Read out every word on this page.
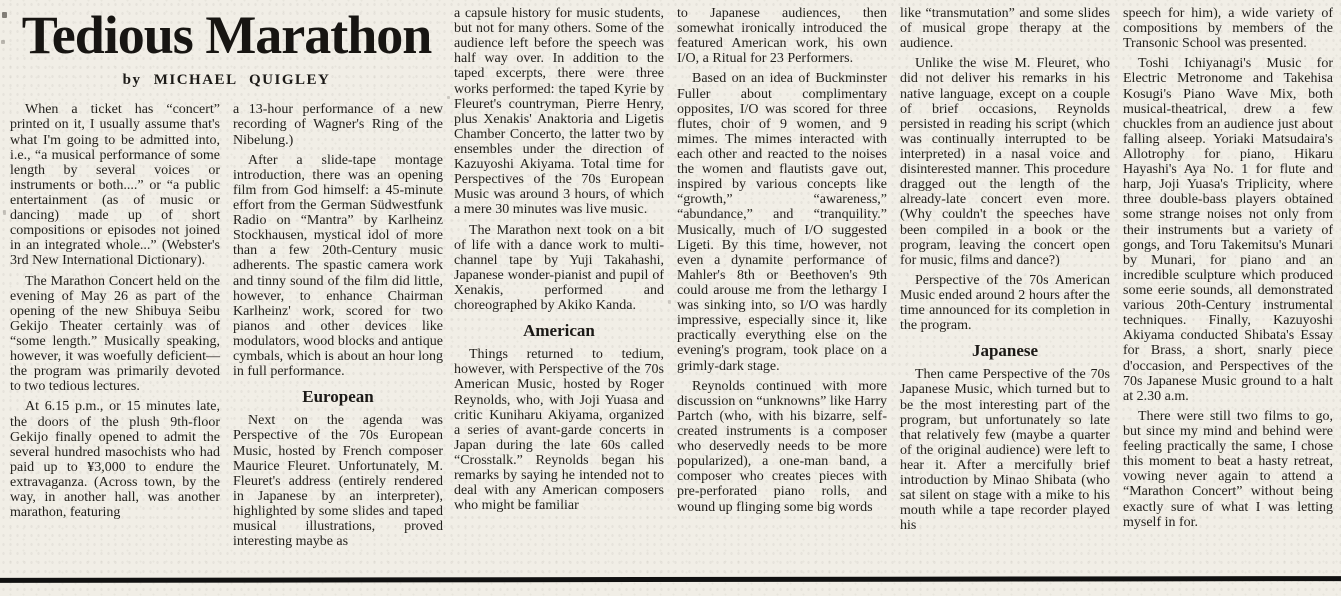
Tedious Marathon
by MICHAEL QUIGLEY

When a ticket has “concert” printed on it, I usually assume that's what I'm going to be admitted into, i.e., “a musical performance of some length by several voices or instruments or both....” or “a public entertainment (as of music or dancing) made up of short compositions or episodes not joined in an integrated whole...” (Webster's 3rd New International Dictionary).

The Marathon Concert held on the evening of May 26 as part of the opening of the new Shibuya Seibu Gekijo Theater certainly was of “some length.” Musically speaking, however, it was woefully deficient—the program was primarily devoted to two tedious lectures.

At 6.15 p.m., or 15 minutes late, the doors of the plush 9th-floor Gekijo finally opened to admit the several hundred masochists who had paid up to ¥3,000 to endure the extravaganza. (Across town, by the way, in another hall, was another marathon, featuring

a 13-hour performance of a new recording of Wagner's Ring of the Nibelung.)

After a slide-tape montage introduction, there was an opening film from God himself: a 45-minute effort from the German Südwestfunk Radio on “Mantra” by Karlheinz Stockhausen, mystical idol of more than a few 20th-Century music adherents. The spastic camera work and tinny sound of the film did little, however, to enhance Chairman Karlheinz' work, scored for two pianos and other devices like modulators, wood blocks and antique cymbals, which is about an hour long in full performance.

European

Next on the agenda was Perspective of the 70s European Music, hosted by French composer Maurice Fleuret. Unfortunately, M. Fleuret's address (entirely rendered in Japanese by an interpreter), highlighted by some slides and taped musical illustrations, proved interesting maybe as

a capsule history for music students, but not for many others. Some of the audience left before the speech was half way over. In addition to the taped excerpts, there were three works performed: the taped Kyrie by Fleuret's countryman, Pierre Henry, plus Xenakis' Anaktoria and Ligetis Chamber Concerto, the latter two by ensembles under the direction of Kazuyoshi Akiyama. Total time for Perspectives of the 70s European Music was around 3 hours, of which a mere 30 minutes was live music.

The Marathon next took on a bit of life with a dance work to multi-channel tape by Yuji Takahashi, Japanese wonder-pianist and pupil of Xenakis, performed and choreographed by Akiko Kanda.

American

Things returned to tedium, however, with Perspective of the 70s American Music, hosted by Roger Reynolds, who, with Joji Yuasa and critic Kuniharu Akiyama, organized a series of avant-garde concerts in Japan during the late 60s called “Crosstalk.” Reynolds began his remarks by saying he intended not to deal with any American composers who might be familiar

to Japanese audiences, then somewhat ironically introduced the featured American work, his own I/O, a Ritual for 23 Performers.

Based on an idea of Buckminster Fuller about complimentary opposites, I/O was scored for three flutes, choir of 9 women, and 9 mimes. The mimes interacted with each other and reacted to the noises the women and flautists gave out, inspired by various concepts like “growth,” “awareness,” “abundance,” and “tranquility.” Musically, much of I/O suggested Ligeti. By this time, however, not even a dynamite performance of Mahler's 8th or Beethoven's 9th could arouse me from the lethargy I was sinking into, so I/O was hardly impressive, especially since it, like practically everything else on the evening's program, took place on a grimly-dark stage.

Reynolds continued with more discussion on “unknowns” like Harry Partch (who, with his bizarre, self-created instruments is a composer who deservedly needs to be more popularized), a one-man band, a composer who creates pieces with pre-perforated piano rolls, and wound up flinging some big words

like “transmutation” and some slides of musical grope therapy at the audience.

Unlike the wise M. Fleuret, who did not deliver his remarks in his native language, except on a couple of brief occasions, Reynolds persisted in reading his script (which was continually interrupted to be interpreted) in a nasal voice and disinterested manner. This procedure dragged out the length of the already-late concert even more. (Why couldn't the speeches have been compiled in a book or the program, leaving the concert open for music, films and dance?)

Perspective of the 70s American Music ended around 2 hours after the time announced for its completion in the program.

Japanese

Then came Perspective of the 70s Japanese Music, which turned but to be the most interesting part of the program, but unfortunately so late that relatively few (maybe a quarter of the original audience) were left to hear it. After a mercifully brief introduction by Minao Shibata (who sat silent on stage with a mike to his mouth while a tape recorder played his

speech for him), a wide variety of compositions by members of the Transonic School was presented.

Toshi Ichiyanagi's Music for Electric Metronome and Takehisa Kosugi's Piano Wave Mix, both musical-theatrical, drew a few chuckles from an audience just about falling alseep. Yoriaki Matsudaira's Allotrophy for piano, Hikaru Hayashi's Aya No. 1 for flute and harp, Joji Yuasa's Triplicity, where three double-bass players obtained some strange noises not only from their instruments but a variety of gongs, and Toru Takemitsu's Munari by Munari, for piano and an incredible sculpture which produced some eerie sounds, all demonstrated various 20th-Century instrumental techniques. Finally, Kazuyoshi Akiyama conducted Shibata's Essay for Brass, a short, snarly piece d'occasion, and Perspectives of the 70s Japanese Music ground to a halt at 2.30 a.m.

There were still two films to go, but since my mind and behind were feeling practically the same, I chose this moment to beat a hasty retreat, vowing never again to attend a “Marathon Concert” without being exactly sure of what I was letting myself in for.
